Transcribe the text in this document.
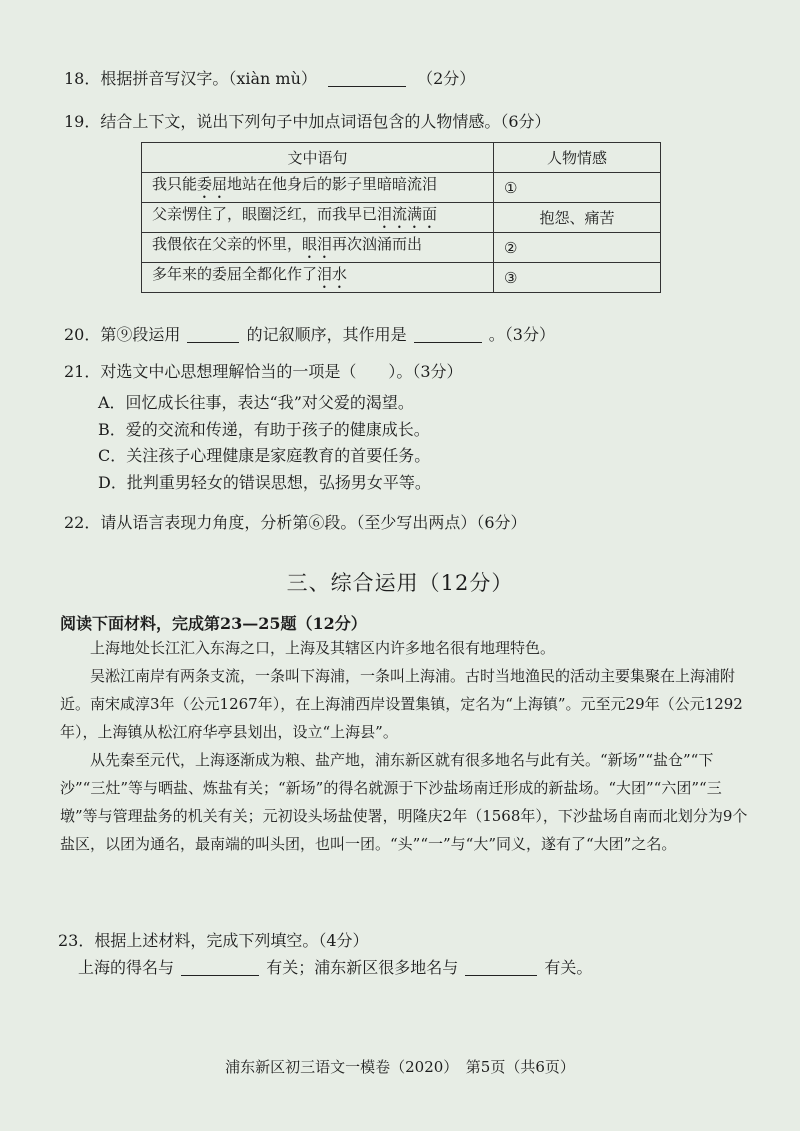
18．根据拼音写汉字。（xiàn mù）	（2分）
19．结合上下文，说出下列句子中加点词语包含的人物情感。（6分）
文中语句	人物情感
我只能委屈地站在他身后的影子里暗暗流泪	①
父亲愣住了，眼圈泛红，而我早已泪流满面	抱怨、痛苦
我偎依在父亲的怀里，眼泪再次汹涌而出	②
多年来的委屈全都化作了泪水	③
20．第⑨段运用	的记叙顺序，其作用是	。（3分）
21．对选文中心思想理解恰当的一项是（　　）。（3分）
A．回忆成长往事，表达“我”对父爱的渴望。
B．爱的交流和传递，有助于孩子的健康成长。
C．关注孩子心理健康是家庭教育的首要任务。
D．批判重男轻女的错误思想，弘扬男女平等。
22．请从语言表现力角度，分析第⑥段。（至少写出两点）（6分）
三、综合运用（12分）
阅读下面材料，完成第23—25题（12分）
上海地处长江汇入东海之口，上海及其辖区内许多地名很有地理特色。
吴淞江南岸有两条支流，一条叫下海浦，一条叫上海浦。古时当地渔民的活动主要集聚在上海浦附近。南宋咸淳3年（公元1267年），在上海浦西岸设置集镇，定名为“上海镇”。元至元29年（公元1292年），上海镇从松江府华亭县划出，设立“上海县”。
从先秦至元代，上海逐渐成为粮、盐产地，浦东新区就有很多地名与此有关。“新场”“盐仓”“下沙”“三灶”等与晒盐、炼盐有关；“新场”的得名就源于下沙盐场南迁形成的新盐场。“大团”“六团”“三墩”等与管理盐务的机关有关；元初设头场盐使署，明隆庆2年（1568年），下沙盐场自南而北划分为9个盐区，以团为通名，最南端的叫头团，也叫一团。“头”“一”与“大”同义，遂有了“大团”之名。
23．根据上述材料，完成下列填空。（4分）
上海的得名与	有关；浦东新区很多地名与	有关。
浦东新区初三语文一模卷（2020）　第5页（共6页）
